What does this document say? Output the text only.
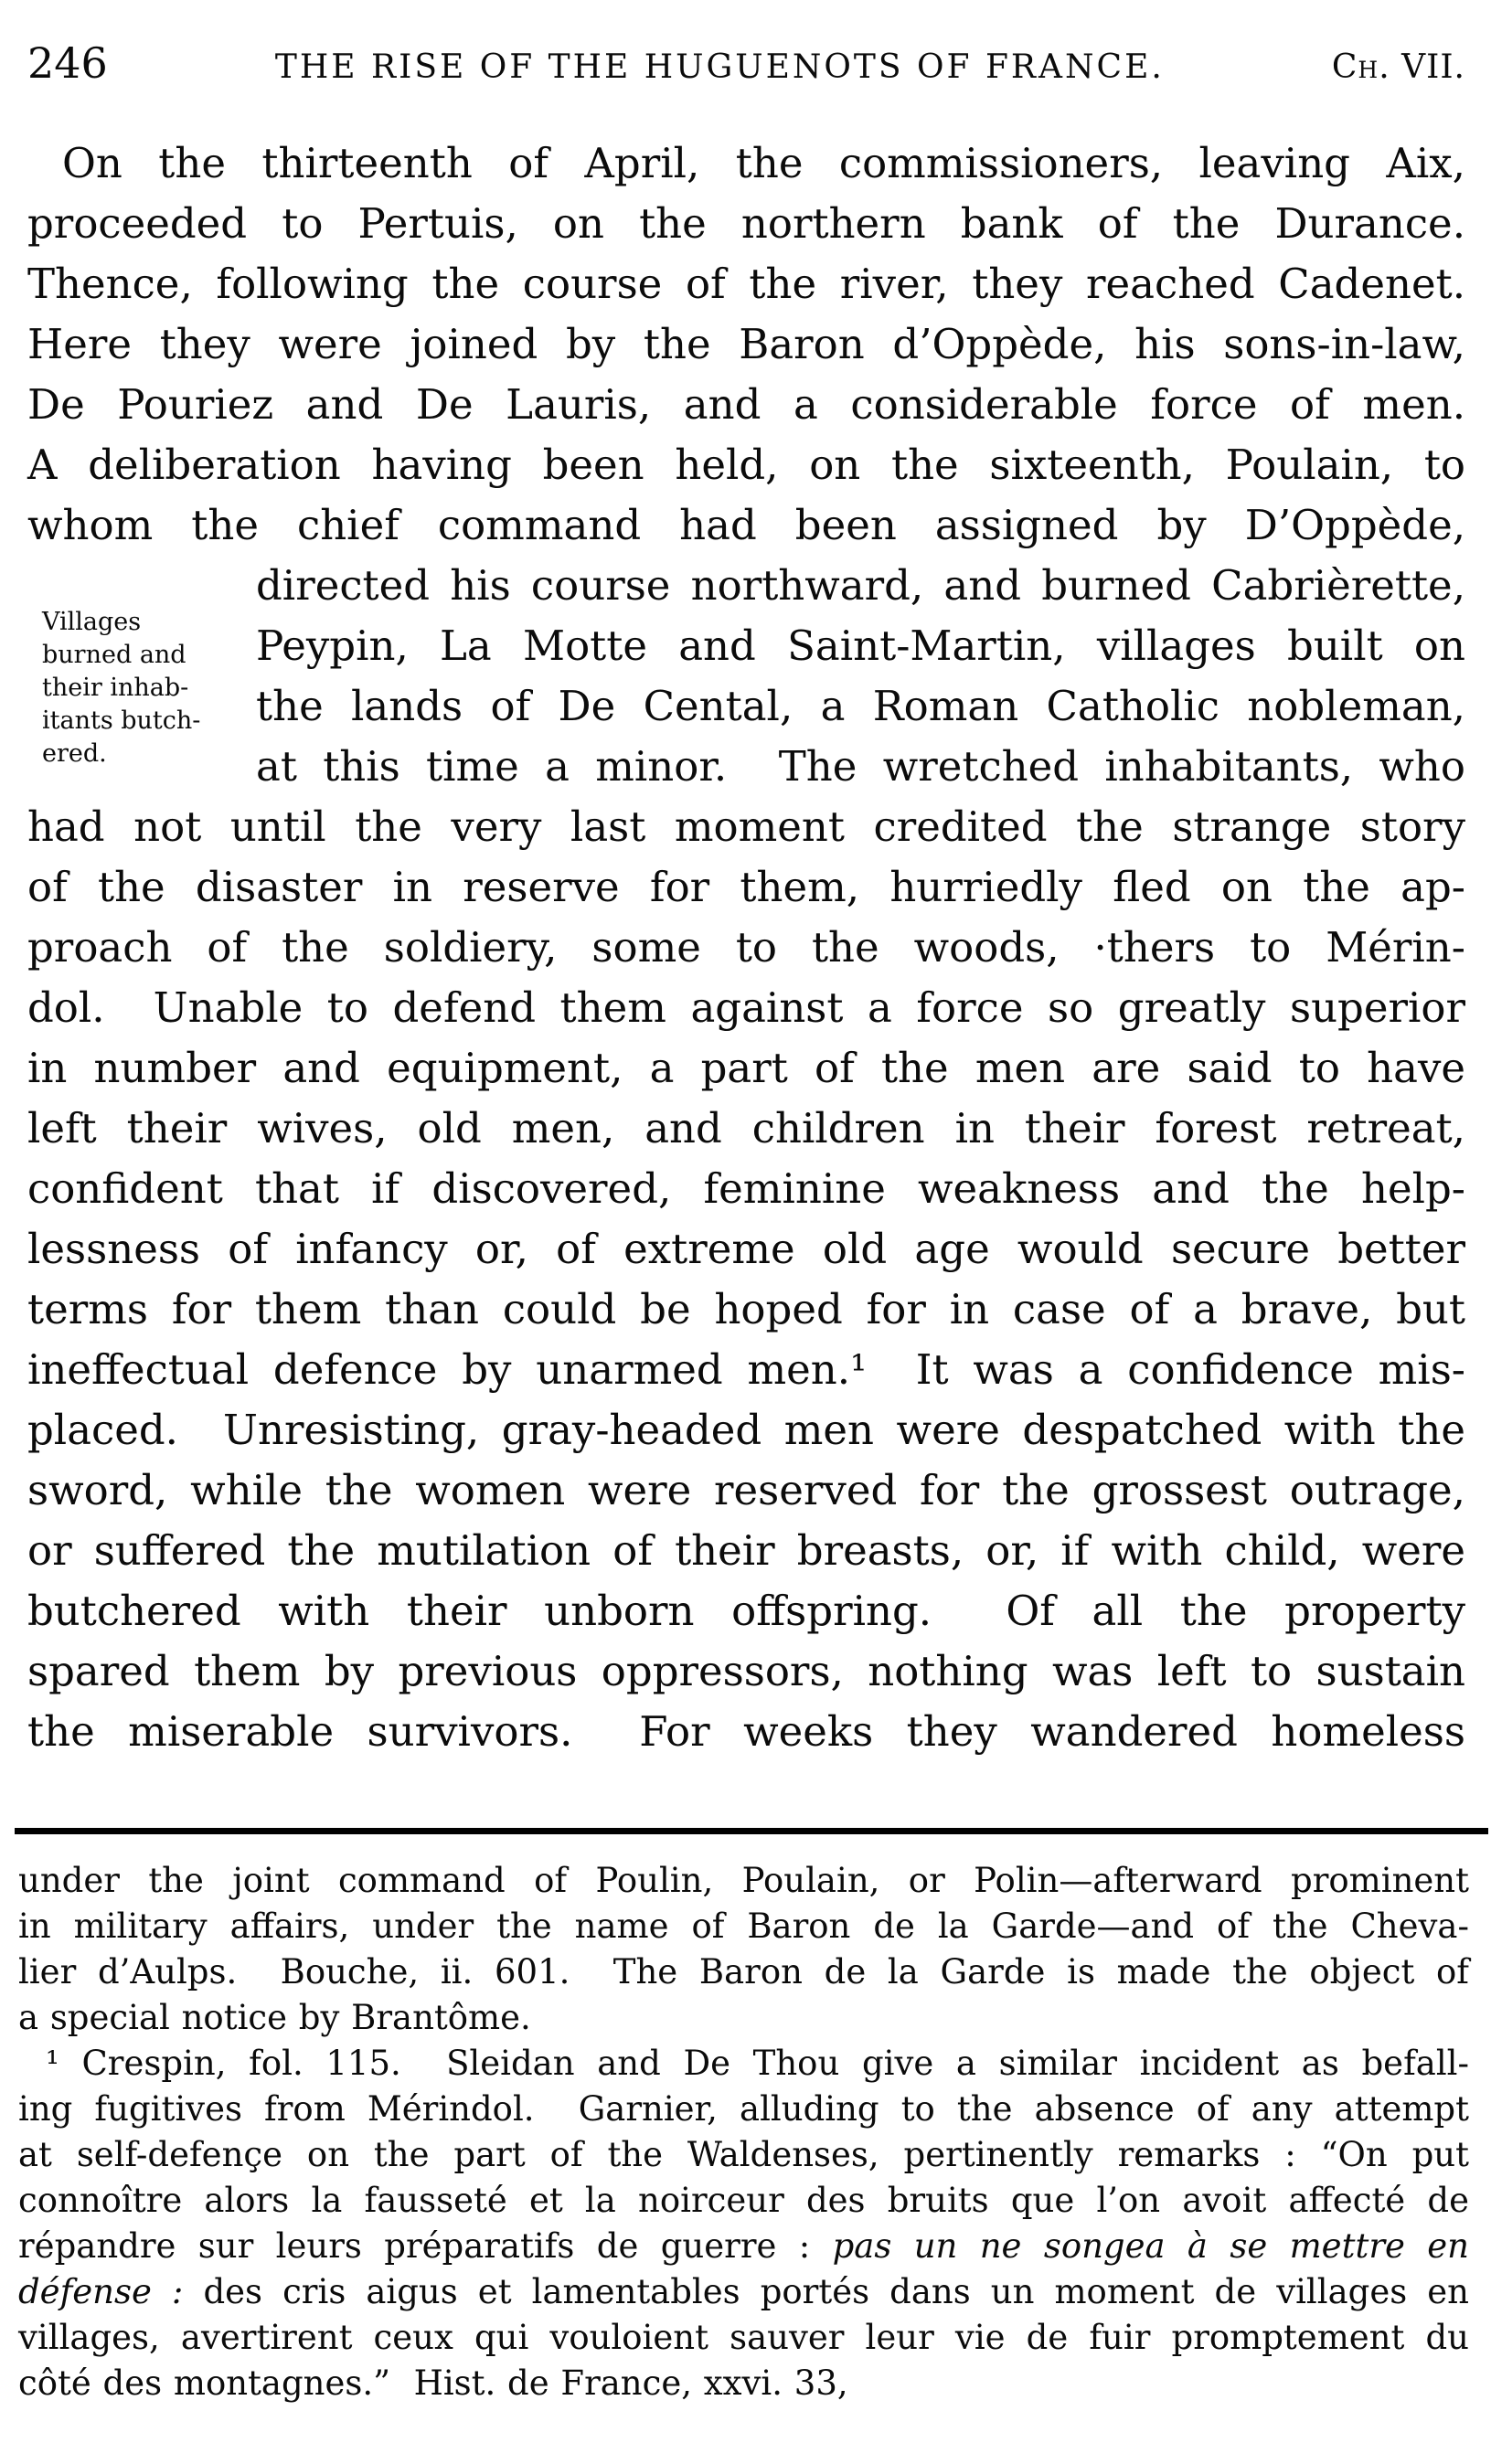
246	THE RISE OF THE HUGUENOTS OF FRANCE.	Ch. VII.
On the thirteenth of April, the commissioners, leaving Aix,
proceeded to Pertuis, on the northern bank of the Durance.
Thence, following the course of the river, they reached Cadenet.
Here they were joined by the Baron d’Oppède, his sons-in-law,
De Pouriez and De Lauris, and a considerable force of men.
A deliberation having been held, on the sixteenth, Poulain, to
whom the chief command had been assigned by D’Oppède,
Villages
burned and
their inhab-
itants butch-
ered.
directed his course northward, and burned Cabrièrette,
Peypin, La Motte and Saint-Martin, villages built on
the lands of De Cental, a Roman Catholic nobleman,
at this time a minor.  The wretched inhabitants, who
had not until the very last moment credited the strange story
of the disaster in reserve for them, hurriedly fled on the ap-
proach of the soldiery, some to the woods, ·thers to Mérin-
dol.  Unable to defend them against a force so greatly superior
in number and equipment, a part of the men are said to have
left their wives, old men, and children in their forest retreat,
confident that if discovered, feminine weakness and the help-
lessness of infancy or, of extreme old age would secure better
terms for them than could be hoped for in case of a brave, but
ineffectual defence by unarmed men.¹  It was a confidence mis-
placed.  Unresisting, gray-headed men were despatched with the
sword, while the women were reserved for the grossest outrage,
or suffered the mutilation of their breasts, or, if with child, were
butchered with their unborn offspring.  Of all the property
spared them by previous oppressors, nothing was left to sustain
the miserable survivors.  For weeks they wandered homeless
under the joint command of Poulin, Poulain, or Polin—afterward prominent
in military affairs, under the name of Baron de la Garde—and of the Cheva-
lier d’Aulps.  Bouche, ii. 601.  The Baron de la Garde is made the object of
a special notice by Brantôme.
¹ Crespin, fol. 115.  Sleidan and De Thou give a similar incident as befall-
ing fugitives from Mérindol.  Garnier, alluding to the absence of any attempt
at self-defençe on the part of the Waldenses, pertinently remarks : “On put
connoître alors la fausseté et la noirceur des bruits que l’on avoit affecté de
répandre sur leurs préparatifs de guerre : pas un ne songea à se mettre en
défense : des cris aigus et lamentables portés dans un moment de villages en
villages, avertirent ceux qui vouloient sauver leur vie de fuir promptement du
côté des montagnes.”  Hist. de France, xxvi. 33,
